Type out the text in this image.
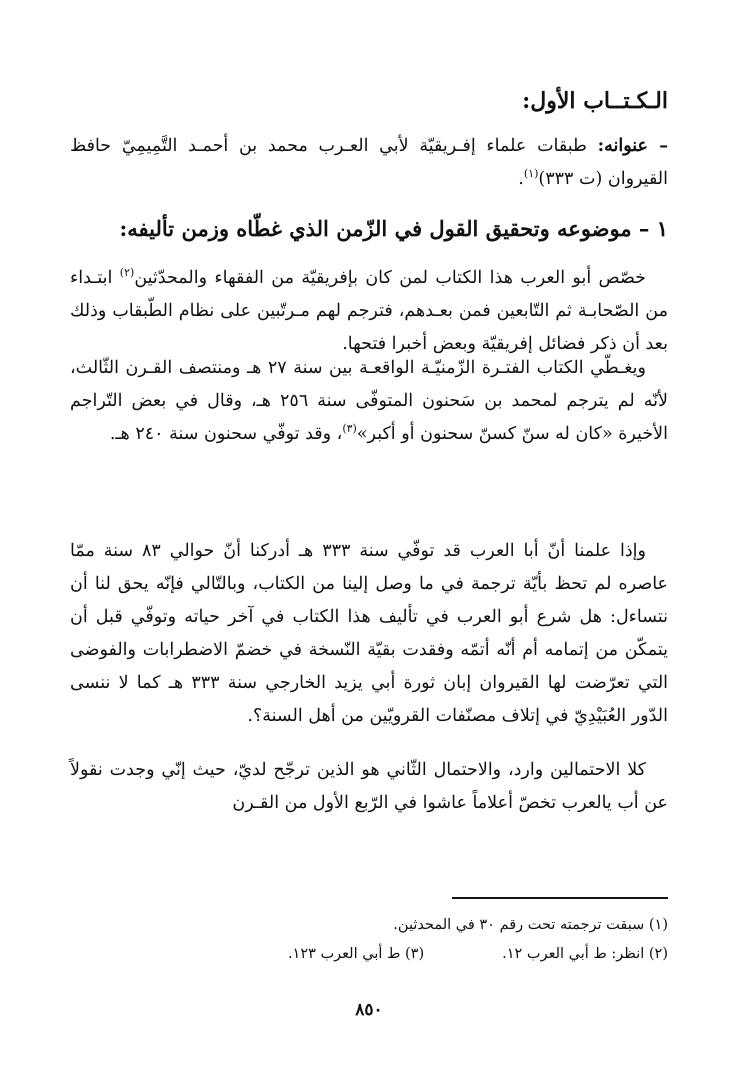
الـكـتــاب الأول:

– عنوانه: طبقات علماء إفـريقيّة لأبي العـرب محمد بن أحمـد التَّمِيمِيّ حافظ القيروان (ت ٣٣٣)$^{(١)}$.

١ – موضوعه وتحقيق القول في الزّمن الذي غطّاه وزمن تأليفه:

خصّص أبو العرب هذا الكتاب لمن كان بإفريقيّة من الفقهاء والمحدّثين$^{(٢)}$ ابتـداء من الصّحابـة ثم التّابعين فمن بعـدهم، فترجم لهم مـرتّبين على نظام الطّبقاب وذلك بعد أن ذكر فضائل إفريقيّة وبعض أخبرا فتحها.

ويغـطّي الكتاب الفتـرة الزّمنيّـة الواقعـة بين سنة ٢٧ هـ ومنتصف القـرن الثّالث، لأنّه لم يترجم لمحمد بن سَحنون المتوفّى سنة ٢٥٦ هـ، وقال في بعض التّراجم الأخيرة «كان له سنّ كسنّ سحنون أو أكبر»$^{(٣)}$، وقد توفّي سحنون سنة ٢٤٠ هـ.

وإذا علمنا أنّ أبا العرب قد توفّي سنة ٣٣٣ هـ أدركنا أنّ حوالي ٨٣ سنة ممّا عاصره لم تحظ بأيّة ترجمة في ما وصل إلينا من الكتاب، وبالتّالي فإنّه يحق لنا أن نتساءل: هل شرع أبو العرب في تأليف هذا الكتاب في آخر حياته وتوفّي قبل أن يتمكّن من إتمامه أم أنّه أتمّه وفقدت بقيّة النّسخة في خضمّ الاضطرابات والفوضى التي تعرّضت لها القيروان إبان ثورة أبي يزيد الخارجي سنة ٣٣٣ هـ كما لا ننسى الدّور العُبَيْدِيّ في إتلاف مصنّفات القرويّين من أهل السنة؟.

كلا الاحتمالين وارد، والاحتمال الثّاني هو الذين ترجّح لديّ، حيث إنّي وجدت نقولاً عن أب يالعرب تخصّ أعلاماً عاشوا في الرّبع الأول من القـرن

(١) سبقت ترجمته تحت رقم ٣٠ في المحدثين.

(٢) انظر: ط أبي العرب ١٢.(٣) ط أبي العرب ١٢٣.

٨٥٠
